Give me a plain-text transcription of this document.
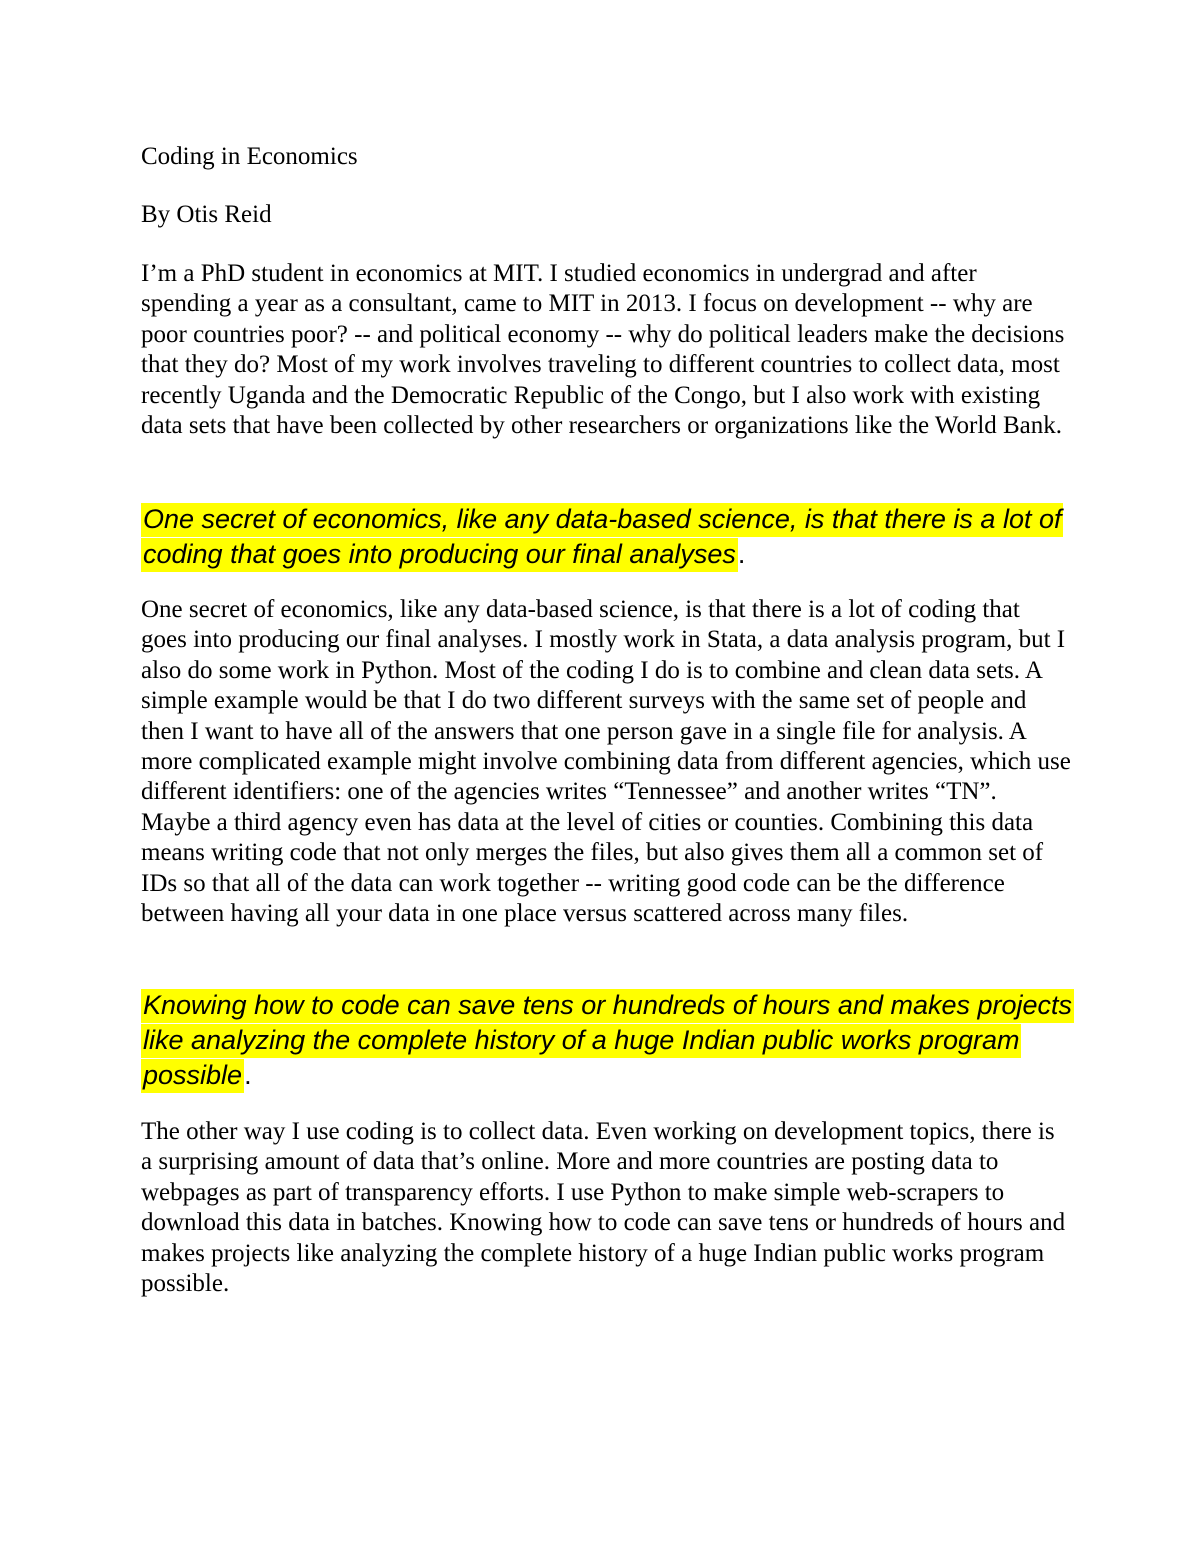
Coding in Economics

By Otis Reid

I’m a PhD student in economics at MIT. I studied economics in undergrad and after spending a year as a consultant, came to MIT in 2013. I focus on development -- why are poor countries poor? -- and political economy -- why do political leaders make the decisions that they do? Most of my work involves traveling to different countries to collect data, most recently Uganda and the Democratic Republic of the Congo, but I also work with existing data sets that have been collected by other researchers or organizations like the World Bank.

One secret of economics, like any data-based science, is that there is a lot of coding that goes into producing our final analyses.

One secret of economics, like any data-based science, is that there is a lot of coding that goes into producing our final analyses. I mostly work in Stata, a data analysis program, but I also do some work in Python. Most of the coding I do is to combine and clean data sets. A simple example would be that I do two different surveys with the same set of people and then I want to have all of the answers that one person gave in a single file for analysis. A more complicated example might involve combining data from different agencies, which use different identifiers: one of the agencies writes “Tennessee” and another writes “TN”. Maybe a third agency even has data at the level of cities or counties. Combining this data means writing code that not only merges the files, but also gives them all a common set of IDs so that all of the data can work together -- writing good code can be the difference between having all your data in one place versus scattered across many files.

Knowing how to code can save tens or hundreds of hours and makes projects like analyzing the complete history of a huge Indian public works program possible.

The other way I use coding is to collect data. Even working on development topics, there is a surprising amount of data that’s online. More and more countries are posting data to webpages as part of transparency efforts. I use Python to make simple web-scrapers to download this data in batches. Knowing how to code can save tens or hundreds of hours and makes projects like analyzing the complete history of a huge Indian public works program possible.
